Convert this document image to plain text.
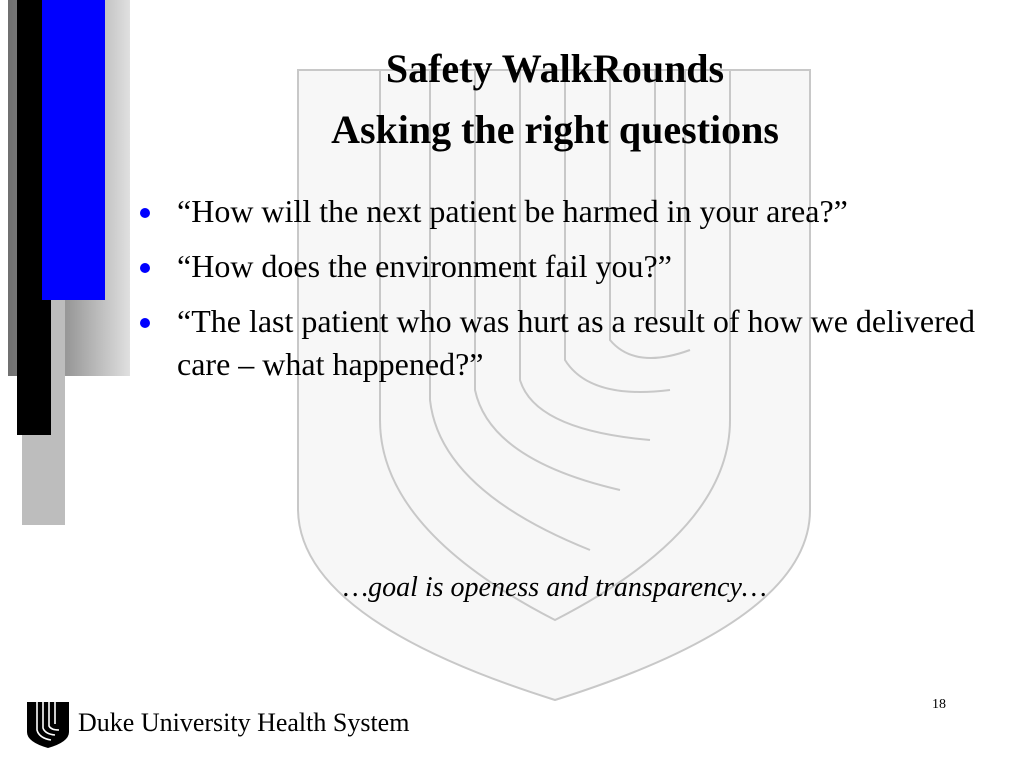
Safety WalkRounds
Asking the right questions
“How will the next patient be harmed in your area?”
“How does the environment fail you?”
“The last patient who was hurt as a result of how we delivered care – what happened?”
…goal is openess and transparency…
18
Duke University Health System
